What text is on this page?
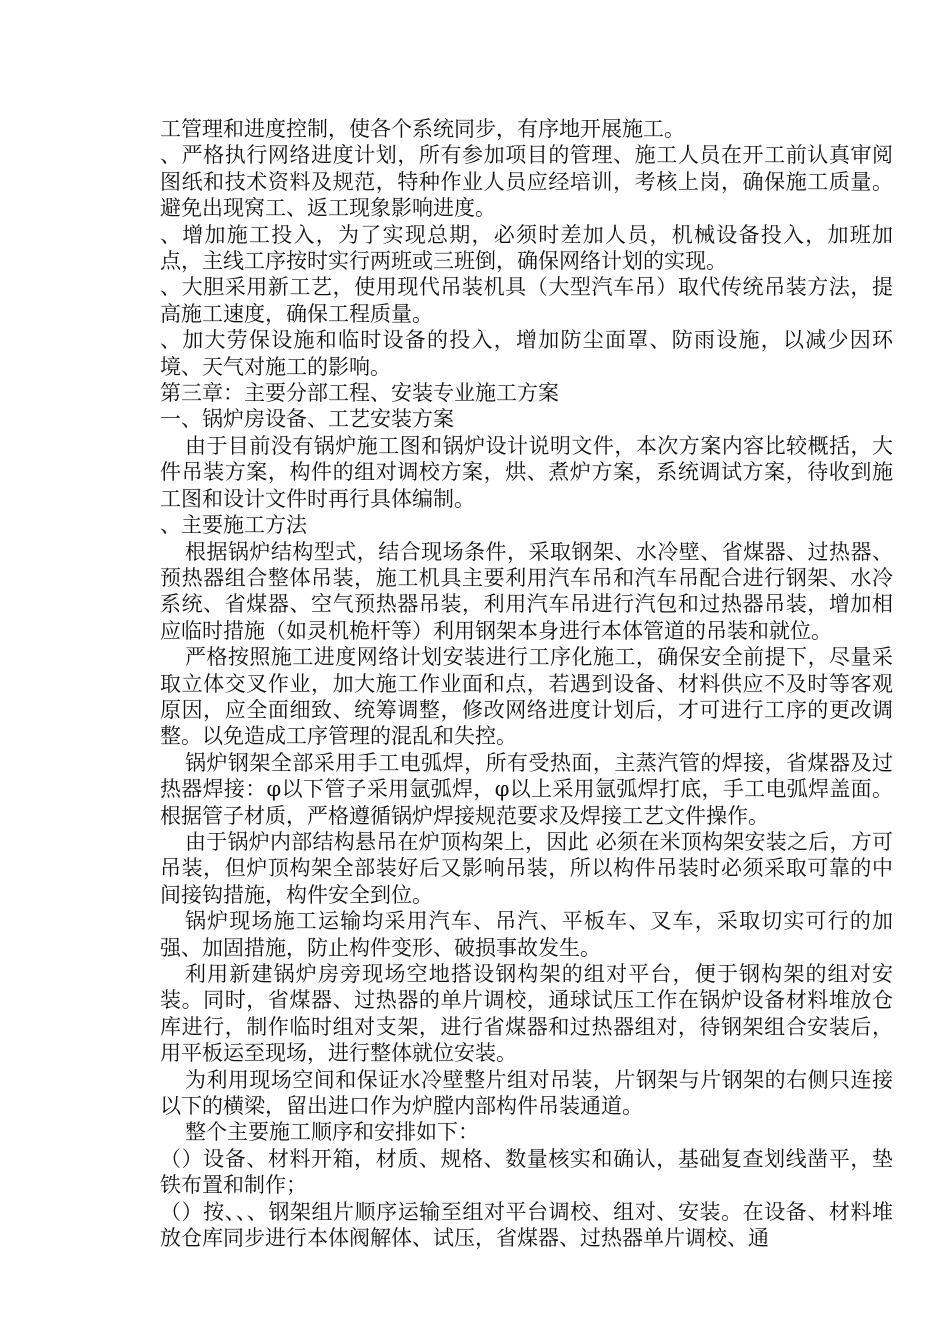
工管理和进度控制，使各个系统同步，有序地开展施工。

、严格执行网络进度计划，所有参加项目的管理、施工人员在开工前认真审阅图纸和技术资料及规范，特种作业人员应经培训，考核上岗，确保施工质量。避免出现窝工、返工现象影响进度。

、增加施工投入，为了实现总期，必须时差加人员，机械设备投入，加班加点，主线工序按时实行两班或三班倒，确保网络计划的实现。

、大胆采用新工艺，使用现代吊装机具（大型汽车吊）取代传统吊装方法，提高施工速度，确保工程质量。

、加大劳保设施和临时设备的投入，增加防尘面罩、防雨设施，以减少因环境、天气对施工的影响。

第三章：主要分部工程、安装专业施工方案

一、锅炉房设备、工艺安装方案

由于目前没有锅炉施工图和锅炉设计说明文件，本次方案内容比较概括，大件吊装方案，构件的组对调校方案，烘、煮炉方案，系统调试方案，待收到施工图和设计文件时再行具体编制。

、主要施工方法

根据锅炉结构型式，结合现场条件，采取钢架、水冷壁、省煤器、过热器、预热器组合整体吊装，施工机具主要利用汽车吊和汽车吊配合进行钢架、水冷系统、省煤器、空气预热器吊装，利用汽车吊进行汽包和过热器吊装，增加相应临时措施（如灵机桅杆等）利用钢架本身进行本体管道的吊装和就位。

严格按照施工进度网络计划安装进行工序化施工，确保安全前提下，尽量采取立体交叉作业，加大施工作业面和点，若遇到设备、材料供应不及时等客观原因，应全面细致、统筹调整，修改网络进度计划后，才可进行工序的更改调整。以免造成工序管理的混乱和失控。

锅炉钢架全部采用手工电弧焊，所有受热面，主蒸汽管的焊接，省煤器及过热器焊接：φ以下管子采用氩弧焊，φ以上采用氩弧焊打底，手工电弧焊盖面。根据管子材质，严格遵循锅炉焊接规范要求及焊接工艺文件操作。

由于锅炉内部结构悬吊在炉顶构架上，因此 必须在米顶构架安装之后，方可吊装，但炉顶构架全部装好后又影响吊装，所以构件吊装时必须采取可靠的中间接钩措施，构件安全到位。

锅炉现场施工运输均采用汽车、吊汽、平板车、叉车，采取切实可行的加强、加固措施，防止构件变形、破损事故发生。

利用新建锅炉房旁现场空地搭设钢构架的组对平台，便于钢构架的组对安装。同时，省煤器、过热器的单片调校，通球试压工作在锅炉设备材料堆放仓库进行，制作临时组对支架，进行省煤器和过热器组对，待钢架组合安装后，用平板运至现场，进行整体就位安装。

为利用现场空间和保证水冷壁整片组对吊装，片钢架与片钢架的右侧只连接以下的横梁，留出进口作为炉膛内部构件吊装通道。

整个主要施工顺序和安排如下：

（）设备、材料开箱，材质、规格、数量核实和确认，基础复查划线凿平，垫铁布置和制作；

（）按、、、钢架组片顺序运输至组对平台调校、组对、安装。在设备、材料堆放仓库同步进行本体阀解体、试压，省煤器、过热器单片调校、通
